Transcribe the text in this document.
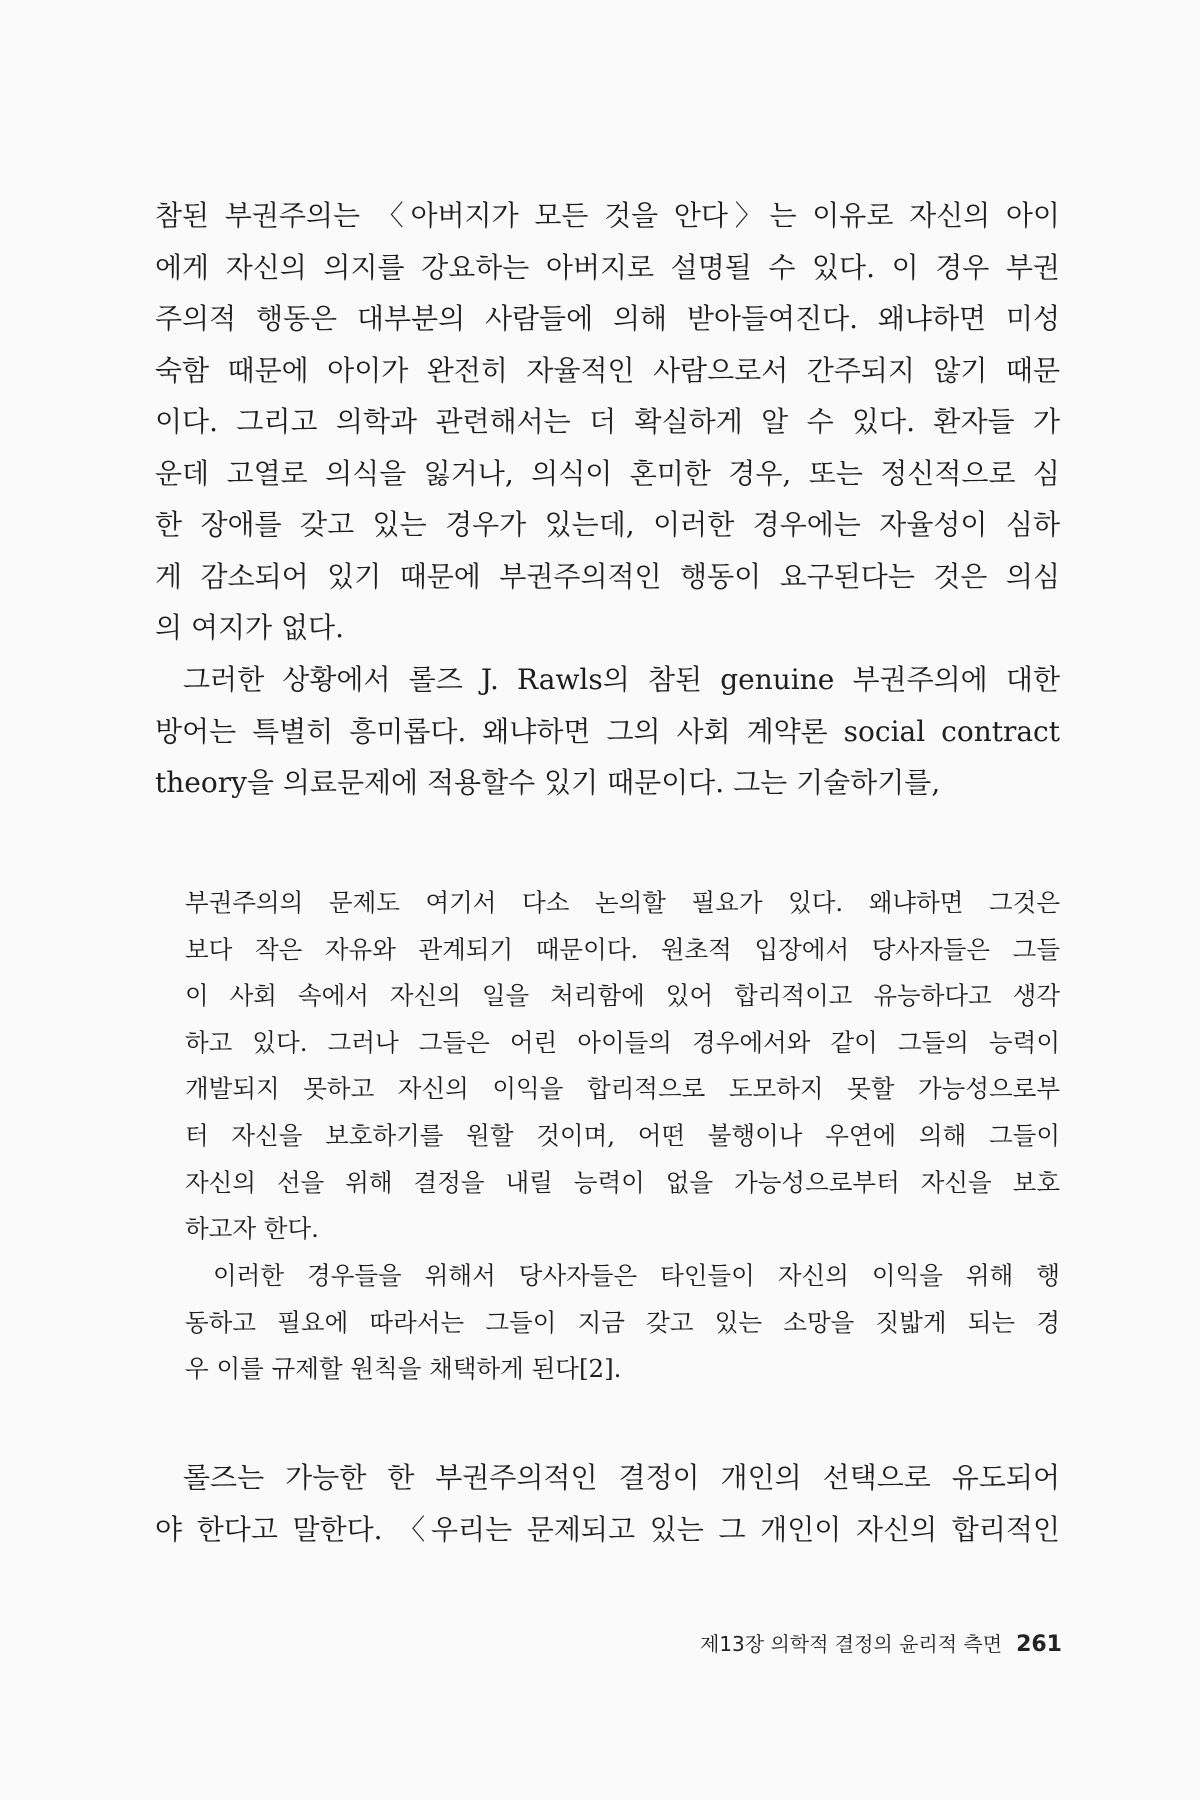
참된 부권주의는 〈아버지가 모든 것을 안다〉는 이유로 자신의 아이
에게 자신의 의지를 강요하는 아버지로 설명될 수 있다. 이 경우 부권
주의적 행동은 대부분의 사람들에 의해 받아들여진다. 왜냐하면 미성
숙함 때문에 아이가 완전히 자율적인 사람으로서 간주되지 않기 때문
이다. 그리고 의학과 관련해서는 더 확실하게 알 수 있다. 환자들 가
운데 고열로 의식을 잃거나, 의식이 혼미한 경우, 또는 정신적으로 심
한 장애를 갖고 있는 경우가 있는데, 이러한 경우에는 자율성이 심하
게 감소되어 있기 때문에 부권주의적인 행동이 요구된다는 것은 의심
의 여지가 없다.
그러한 상황에서 롤즈 J. Rawls의 참된 genuine 부권주의에 대한
방어는 특별히 흥미롭다. 왜냐하면 그의 사회 계약론 social contract
theory을 의료문제에 적용할수 있기 때문이다. 그는 기술하기를,
부권주의의 문제도 여기서 다소 논의할 필요가 있다. 왜냐하면 그것은
보다 작은 자유와 관계되기 때문이다. 원초적 입장에서 당사자들은 그들
이 사회 속에서 자신의 일을 처리함에 있어 합리적이고 유능하다고 생각
하고 있다. 그러나 그들은 어린 아이들의 경우에서와 같이 그들의 능력이
개발되지 못하고 자신의 이익을 합리적으로 도모하지 못할 가능성으로부
터 자신을 보호하기를 원할 것이며, 어떤 불행이나 우연에 의해 그들이
자신의 선을 위해 결정을 내릴 능력이 없을 가능성으로부터 자신을 보호
하고자 한다.
이러한 경우들을 위해서 당사자들은 타인들이 자신의 이익을 위해 행
동하고 필요에 따라서는 그들이 지금 갖고 있는 소망을 짓밟게 되는 경
우 이를 규제할 원칙을 채택하게 된다[2].
롤즈는 가능한 한 부권주의적인 결정이 개인의 선택으로 유도되어
야 한다고 말한다. 〈우리는 문제되고 있는 그 개인이 자신의 합리적인
제13장 의학적 결정의 윤리적 측면 261
